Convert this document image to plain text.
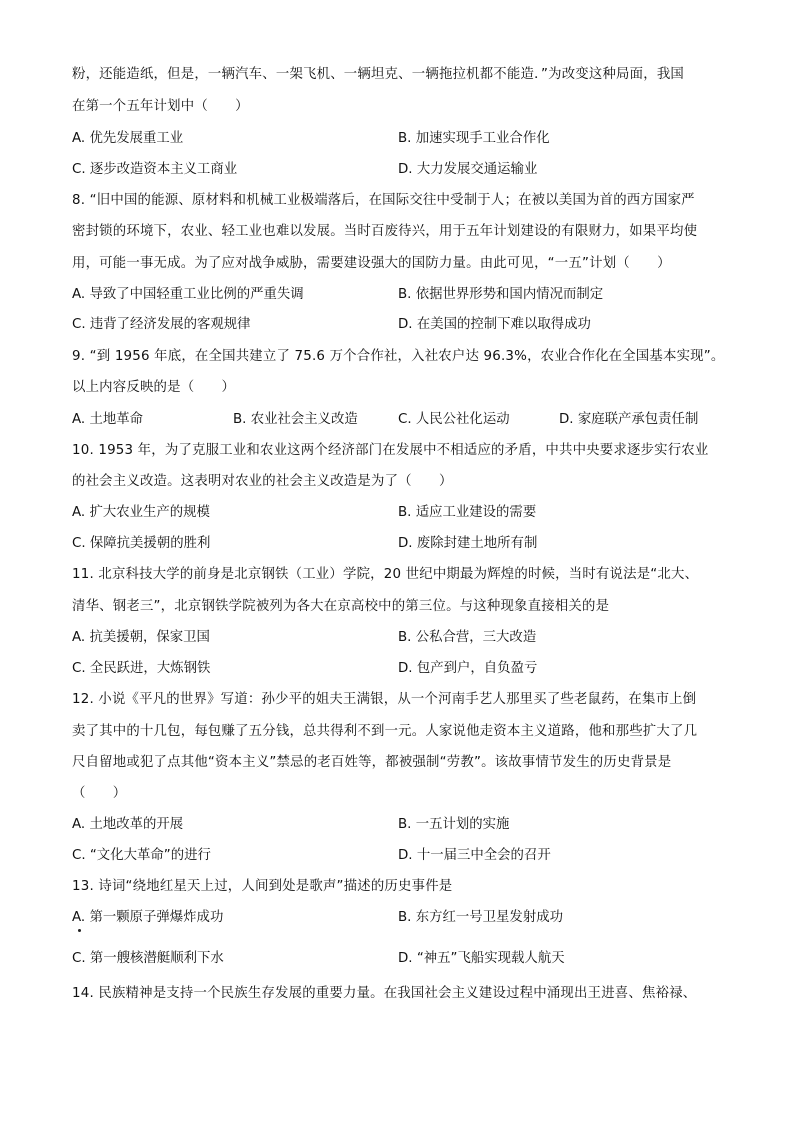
粉，还能造纸，但是，一辆汽车、一架飞机、一辆坦克、一辆拖拉机都不能造．”为改变这种局面，我国
在第一个五年计划中（　　）
A. 优先发展重工业	B. 加速实现手工业合作化
C. 逐步改造资本主义工商业	D. 大力发展交通运输业
8. “旧中国的能源、原材料和机械工业极端落后，在国际交往中受制于人；在被以美国为首的西方国家严
密封锁的环境下，农业、轻工业也难以发展。当时百废待兴，用于五年计划建设的有限财力，如果平均使
用，可能一事无成。为了应对战争威胁，需要建设强大的国防力量。由此可见，“一五”计划（　　）
A. 导致了中国轻重工业比例的严重失调	B. 依据世界形势和国内情况而制定
C. 违背了经济发展的客观规律	D. 在美国的控制下难以取得成功
9. “到 1956 年底，在全国共建立了 75.6 万个合作社，入社农户达 96.3%，农业合作化在全国基本实现”。
以上内容反映的是（　　）
A. 土地革命	B. 农业社会主义改造	C. 人民公社化运动	D. 家庭联产承包责任制
10. 1953 年，为了克服工业和农业这两个经济部门在发展中不相适应的矛盾，中共中央要求逐步实行农业
的社会主义改造。这表明对农业的社会主义改造是为了（　　）
A. 扩大农业生产的规模	B. 适应工业建设的需要
C. 保障抗美援朝的胜利	D. 废除封建土地所有制
11. 北京科技大学的前身是北京钢铁（工业）学院，20 世纪中期最为辉煌的时候，当时有说法是“北大、
清华、钢老三”，北京钢铁学院被列为各大在京高校中的第三位。与这种现象直接相关的是
A. 抗美援朝，保家卫国	B. 公私合营，三大改造
C. 全民跃进，大炼钢铁	D. 包产到户，自负盈亏
12. 小说《平凡的世界》写道：孙少平的姐夫王满银，从一个河南手艺人那里买了些老鼠药，在集市上倒
卖了其中的十几包，每包赚了五分钱，总共得利不到一元。人家说他走资本主义道路，他和那些扩大了几
尺自留地或犯了点其他“资本主义”禁忌的老百姓等，都被强制“劳教”。该故事情节发生的历史背景是
（　　）
A. 土地改革的开展	B. 一五计划的实施
C. “文化大革命”的进行	D. 十一届三中全会的召开
13. 诗词“绕地红星天上过，人间到处是歌声”描述的历史事件是
A. 第一颗原子弹爆炸成功	B. 东方红一号卫星发射成功
C. 第一艘核潜艇顺利下水	D. “神五”飞船实现载人航天
14. 民族精神是支持一个民族生存发展的重要力量。在我国社会主义建设过程中涌现出王进喜、焦裕禄、
